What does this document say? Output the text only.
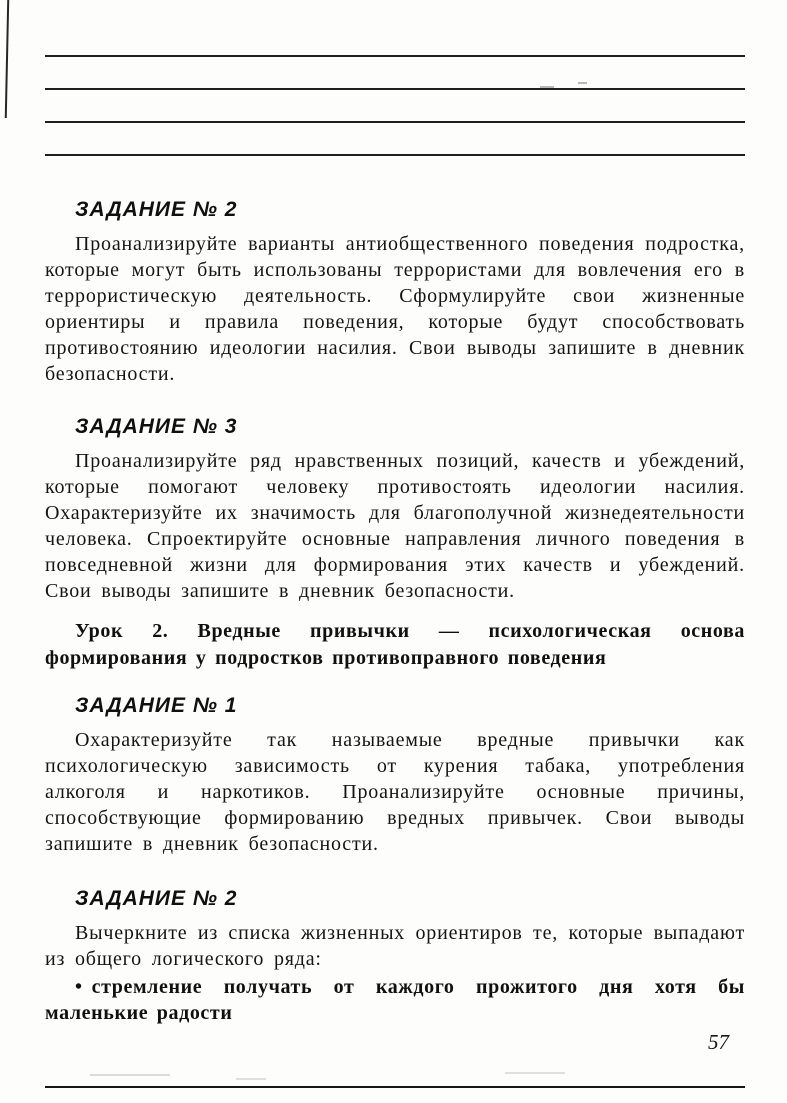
ЗАДАНИЕ № 2

Проанализируйте варианты антиобщественного поведения подростка, которые могут быть использованы террористами для вовлечения его в террористическую деятельность. Сформулируйте свои жизненные ориентиры и правила поведения, которые будут способствовать противостоянию идеологии насилия. Свои выводы запишите в дневник безопасности.

ЗАДАНИЕ № 3

Проанализируйте ряд нравственных позиций, качеств и убеждений, которые помогают человеку противостоять идеологии насилия. Охарактеризуйте их значимость для благополучной жизнедеятельности человека. Спроектируйте основные направления личного поведения в повседневной жизни для формирования этих качеств и убеждений. Свои выводы запишите в дневник безопасности.

Урок 2. Вредные привычки — психологическая основа формирования у подростков противоправного поведения

ЗАДАНИЕ № 1

Охарактеризуйте так называемые вредные привычки как психологическую зависимость от курения табака, употребления алкоголя и наркотиков. Проанализируйте основные причины, способствующие формированию вредных привычек. Свои выводы запишите в дневник безопасности.

ЗАДАНИЕ № 2

Вычеркните из списка жизненных ориентиров те, которые выпадают из общего логического ряда:

• стремление получать от каждого прожитого дня хотя бы маленькие радости

57
